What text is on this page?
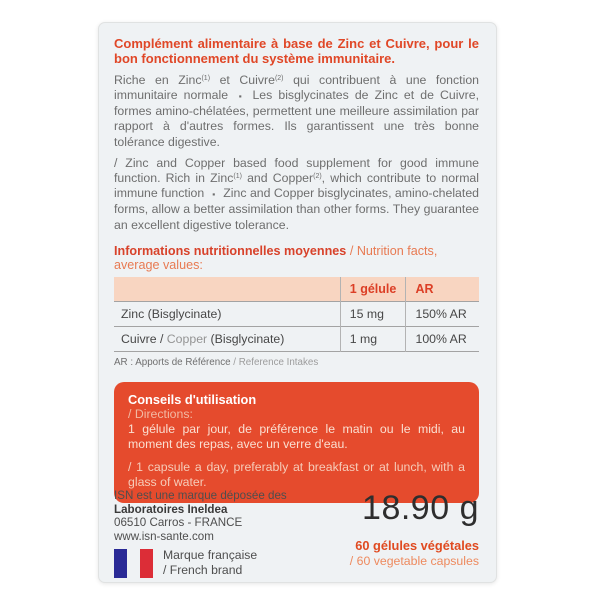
Complément alimentaire à base de Zinc et Cuivre, pour le bon fonctionnement du système immunitaire.
Riche en Zinc$^{(1)}$ et Cuivre$^{(2)}$ qui contribuent à une fonction immunitaire normale ▪ Les bisglycinates de Zinc et de Cuivre, formes amino-chélatées, permettent une meilleure assimilation par rapport à d'autres formes. Ils garantissent une très bonne tolérance digestive.
/ Zinc and Copper based food supplement for good immune function. Rich in Zinc$^{(1)}$ and Copper$^{(2)}$, which contribute to normal immune function ▪ Zinc and Copper bisglycinates, amino-chelated forms, allow a better assimilation than other forms. They guarantee an excellent digestive tolerance.
Informations nutritionnelles moyennes / Nutrition facts, average values:
	1 gélule	AR
Zinc (Bisglycinate)	15 mg	150% AR
Cuivre / Copper (Bisglycinate)	1 mg	100% AR
AR : Apports de Référence / Reference Intakes
Conseils d'utilisation
/ Directions:
1 gélule par jour, de préférence le matin ou le midi, au moment des repas, avec un verre d'eau.
/ 1 capsule a day, preferably at breakfast or at lunch, with a glass of water.
ISN est une marque déposée des
Laboratoires Ineldea
06510 Carros - FRANCE
www.isn-sante.com
Marque française
/ French brand
18.90 g
60 gélules végétales
/ 60 vegetable capsules
